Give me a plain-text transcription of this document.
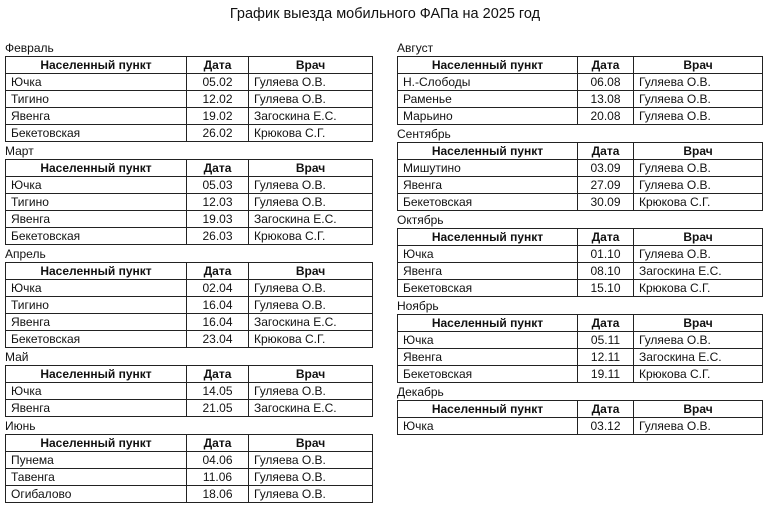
График выезда мобильного ФАПа на 2025 год
Февраль
Населенный пункт	Дата	Врач
Ючка	05.02	Гуляева О.В.
Тигино	12.02	Гуляева О.В.
Явенга	19.02	Загоскина Е.С.
Бекетовская	26.02	Крюкова С.Г.
Март
Населенный пункт	Дата	Врач
Ючка	05.03	Гуляева О.В.
Тигино	12.03	Гуляева О.В.
Явенга	19.03	Загоскина Е.С.
Бекетовская	26.03	Крюкова С.Г.
Апрель
Населенный пункт	Дата	Врач
Ючка	02.04	Гуляева О.В.
Тигино	16.04	Гуляева О.В.
Явенга	16.04	Загоскина Е.С.
Бекетовская	23.04	Крюкова С.Г.
Май
Населенный пункт	Дата	Врач
Ючка	14.05	Гуляева О.В.
Явенга	21.05	Загоскина Е.С.
Июнь
Населенный пункт	Дата	Врач
Пунема	04.06	Гуляева О.В.
Тавенга	11.06	Гуляева О.В.
Огибалово	18.06	Гуляева О.В.
Август
Населенный пункт	Дата	Врач
Н.-Слободы	06.08	Гуляева О.В.
Раменье	13.08	Гуляева О.В.
Марьино	20.08	Гуляева О.В.
Сентябрь
Населенный пункт	Дата	Врач
Мишутино	03.09	Гуляева О.В.
Явенга	27.09	Гуляева О.В.
Бекетовская	30.09	Крюкова С.Г.
Октябрь
Населенный пункт	Дата	Врач
Ючка	01.10	Гуляева О.В.
Явенга	08.10	Загоскина Е.С.
Бекетовская	15.10	Крюкова С.Г.
Ноябрь
Населенный пункт	Дата	Врач
Ючка	05.11	Гуляева О.В.
Явенга	12.11	Загоскина Е.С.
Бекетовская	19.11	Крюкова С.Г.
Декабрь
Населенный пункт	Дата	Врач
Ючка	03.12	Гуляева О.В.
